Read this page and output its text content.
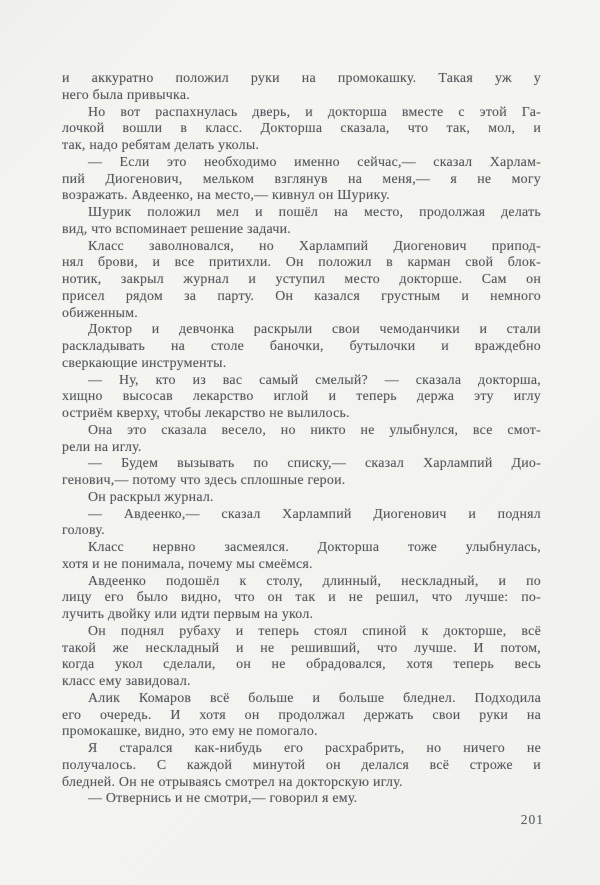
и аккуратно положил руки на промокашку. Такая уж у
него была привычка.
Но вот распахнулась дверь, и докторша вместе с этой Га-
лочкой вошли в класс. Докторша сказала, что так, мол, и
так, надо ребятам делать уколы.
— Если это необходимо именно сейчас,— сказал Харлам-
пий Диогенович, мельком взглянув на меня,— я не могу
возражать. Авдеенко, на место,— кивнул он Шурику.
Шурик положил мел и пошёл на место, продолжая делать
вид, что вспоминает решение задачи.
Класс заволновался, но Харлампий Диогенович припод-
нял брови, и все притихли. Он положил в карман свой блок-
нотик, закрыл журнал и уступил место докторше. Сам он
присел рядом за парту. Он казался грустным и немного
обиженным.
Доктор и девчонка раскрыли свои чемоданчики и стали
раскладывать на столе баночки, бутылочки и враждебно
сверкающие инструменты.
— Ну, кто из вас самый смелый? — сказала докторша,
хищно высосав лекарство иглой и теперь держа эту иглу
остриём кверху, чтобы лекарство не вылилось.
Она это сказала весело, но никто не улыбнулся, все смот-
рели на иглу.
— Будем вызывать по списку,— сказал Харлампий Дио-
генович,— потому что здесь сплошные герои.
Он раскрыл журнал.
— Авдеенко,— сказал Харлампий Диогенович и поднял
голову.
Класс нервно засмеялся. Докторша тоже улыбнулась,
хотя и не понимала, почему мы смеёмся.
Авдеенко подошёл к столу, длинный, нескладный, и по
лицу его было видно, что он так и не решил, что лучше: по-
лучить двойку или идти первым на укол.
Он поднял рубаху и теперь стоял спиной к докторше, всё
такой же нескладный и не решивший, что лучше. И потом,
когда укол сделали, он не обрадовался, хотя теперь весь
класс ему завидовал.
Алик Комаров всё больше и больше бледнел. Подходила
его очередь. И хотя он продолжал держать свои руки на
промокашке, видно, это ему не помогало.
Я старался как-нибудь его расхрабрить, но ничего не
получалось. С каждой минутой он делался всё строже и
бледней. Он не отрываясь смотрел на докторскую иглу.
— Отвернись и не смотри,— говорил я ему.
201
